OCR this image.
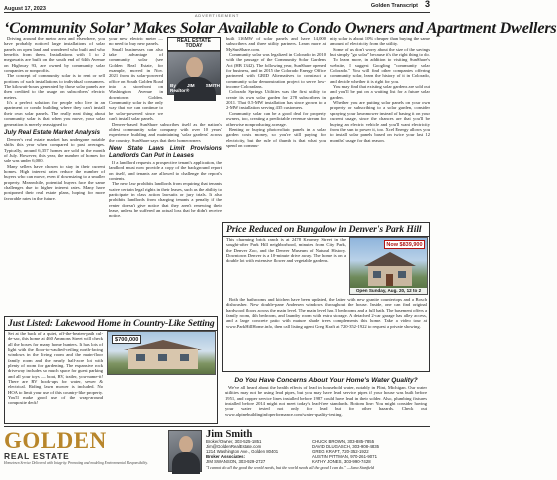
August 17, 2023	Golden Transcript 3
ADVERTISEMENT
‘Community Solar’ Makes Solar Available to Condo Owners and Apartment Dwellers

Driving around the metro area and elsewhere, you have probably noticed large installations of solar panels on open land and wondered who built and who benefits from them. Installations with 1 to 2 megawatts are built on the south end of 64th Avenue on Highway 93, are owned by community solar companies or nonprofits.

The concept of community solar is to rent or sell portions of such installations to individual consumers. The kilowatt-hours generated by those solar panels are then credited to the usage on subscribers' electric meters.

It's a perfect solution for people who live in an apartment or condo building where they can't install their own solar panels. The really neat thing about community solar is that when you move, your solar generation is merely reassigned to

July Real Estate Market Analysis

Denver's real estate market has undergone notable shifts this year when compared to past averages. Typically, around 6,357 homes are sold in the month of July. However, this year, the number of homes for sale was under 6,000.

Many sellers have chosen to stay in their current homes. High interest rates reduce the number of buyers who can move, even if downsizing to a smaller property. Meanwhile, potential buyers face the same challenges due to higher interest rates. Many have postponed their real estate plans, hoping for more favorable rates in the future.

your new electric meter — no need to buy new panels.

REAL ESTATE
TODAY
By JIM SMITH Realtor®

Small businesses can also take advantage of community solar (see Golden Real Estate, for example, moved in Nov. 2021 from its solar-powered office on South Golden Road into a storefront on Washington Avenue in downtown Golden. Community solar is the only way that we can continue to be solar-powered since we can't install solar panels.

Denver-based SunShare subscribes itself as the nation's oldest community solar company with over 10 years' experience building and maintaining 'solar gardens' across the country. SunShare says that their homeowners

New State Laws Limit Provisions Landlords Can Put in Leases

If a landlord requests a prospective tenant's application, the landlord must now provide a copy of the background report on itself, and tenants are allowed to challenge the report's contents.

The new law prohibits landlords from requiring that tenants waive certain legal rights in their leases, such as the ability to participate in class action lawsuits or jury trials. It also prohibits landlords from charging tenants a penalty if the renter doesn't give notice that they aren't renewing their lease, unless he suffered an actual loss that he didn't receive notice.

built 116MW of solar panels and have 14,000 subscribers and three utility partners. Learn more at MySunShare.com.

Community solar was legalized in Colorado in 2010 with the passage of the Community Solar Gardens Act (HB 1342). The following year, SunShare opened for business, and in 2015 the Colorado Energy Office partnered with GRID Alternatives to construct a community solar demonstration project to serve low-income Coloradans.

Colorado Springs Utilities was the first utility to create its own solar garden for 278 subscribers in 2011. That 0.5-MW installation has since grown to a 2-MW installation serving 435 customers.

Community solar can be a good deal for property owners, too, creating a predictable revenue stream for otherwise nonproducing acreage.

Renting or buying photovoltaic panels in a solar garden costs money, so you're still paying for electricity, but the rule of thumb is that what you spend on commu-

nity solar is about 10% cheaper than buying the same amount of electricity from the utility.

Some of us don't worry about the size of the savings but simply "go solar" because it's the right thing to do.

To learn more, in addition to visiting SunShare's website, I suggest Googling "community solar Colorado." You will find other companies offering community solar, learn the history of it in Colorado, and decide whether it is right for you.

You may find that existing solar gardens are sold out and you'll be put on a waiting list for a future solar garden.

Whether you are putting solar panels on your own property or subscribing to a solar garden, consider spraying your lawnmower instead of basing it on your current usage, since the chances are that you'll be buying an electric vehicle and you'll want electricity from the sun to power it, too. Xcel Energy allows you to install solar panels based on twice your last 12 months' usage for that reason.

Just Listed: Lakewood Home in Country-Like Setting

Set at the back of a quiet, off-the-beaten-path cul-de-sac, this home at 460 Ammons Street will check all the boxes for many home hunters. It has lots of light with the floor-to-vaulted-ceiling north-facing windows in the living room and the main-floor family room and the nearly half-acre lot with plenty of room for gardening. The expansive rock driveway includes so much space for guest parking and all your toys — boat, RV, trailer, you-name-it! There are RV hook-ups for water, sewer & electrical. Riding lawn mower is included. No HOA to limit your use of this country-like property. You'll make good use of the wrap-around composite deck!

$700,000
Price Reduced on Bungalow in Denver's Park Hill

This charming brick ranch is at 2478 Kearney Street in the sought-after Park Hill neighborhood, minutes from City Park, the Denver Zoo, and the Denver Museum of Natural History. Downtown Denver is a 10-minute drive away. The home is on a double lot with extensive flower and vegetable gardens.

Now $839,900
Open Sunday, Aug. 20, 12 to 2

Both the bathrooms and kitchen have been updated, the latter with new granite countertops and a Bosch dishwasher. New double-pane Andersen windows throughout the house. Inside, one can find original hardwood floors across the main level. The main level has 3 bedrooms and a full bath. The basement offers a family room, 4th bedroom, and laundry room with extra storage. A detached 2-car garage has alley access, and a large concrete patio with mature shade trees complements this home. Take a video tour at www.ParkHillHome.info, then call listing agent Greg Kraft at 720-352-1922 to request a private showing.

Do You Have Concerns About Your Home's Water Quality?

We've all heard about the health effects of lead in household water, notably in Flint, Michigan. Our water utilities may not be using lead pipes, but you may have lead service pipes if your house was built before 1951, and copper service lines installed before 1987 could have lead in their solder. Also, plumbing fixtures installed before 2014 might not meet today's lead-free standards. Bottom line: You might consider having your water tested not only for lead but for other hazards. Check out www.alpinebuildinginfoperformance.com/water-quality-testing.

GOLDEN
REAL ESTATE
Hometown Service Delivered with Integrity. Promoting and modeling Environmental Responsibility.
Jim Smith
Broker/Owner, 303-525-1851
Jim@GoldenRealEstate.com
1214 Washington Ave., Golden 80401
Broker Associates:
JIM SWANSON, 303-929-2727
CHUCK BROWN, 303-885-7855
DAVID DLUGASCH, 303-908-4835
GREG KRAFT, 720-352-1922
AUSTIN PITTMAN, 970-261-9071
KATHY JONES, 303-990-7428
"I cannot do all the good the world needs, but the world needs all the good I can do." —Jana Stanfield
